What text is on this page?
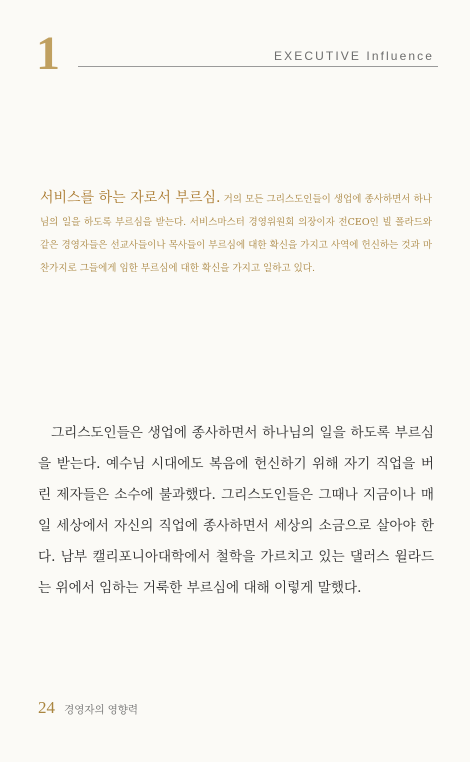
1	EXECUTIVE Influence
서비스를 하는 자로서 부르심. 거의 모든 그리스도인들이 생업에 종사하면서 하나님의 일을 하도록 부르심을 받는다. 서비스마스터 경영위원회 의장이자 전CEO인 빌 폴라드와 같은 경영자들은 선교사들이나 목사들이 부르심에 대한 확신을 가지고 사역에 헌신하는 것과 마찬가지로 그들에게 임한 부르심에 대한 확신을 가지고 일하고 있다.
그리스도인들은 생업에 종사하면서 하나님의 일을 하도록 부르심을 받는다. 예수님 시대에도 복음에 헌신하기 위해 자기 직업을 버린 제자들은 소수에 불과했다. 그리스도인들은 그때나 지금이나 매일 세상에서 자신의 직업에 종사하면서 세상의 소금으로 살아야 한다. 남부 캘리포니아대학에서 철학을 가르치고 있는 댈러스 윌라드는 위에서 임하는 거룩한 부르심에 대해 이렇게 말했다.
24 경영자의 영향력
